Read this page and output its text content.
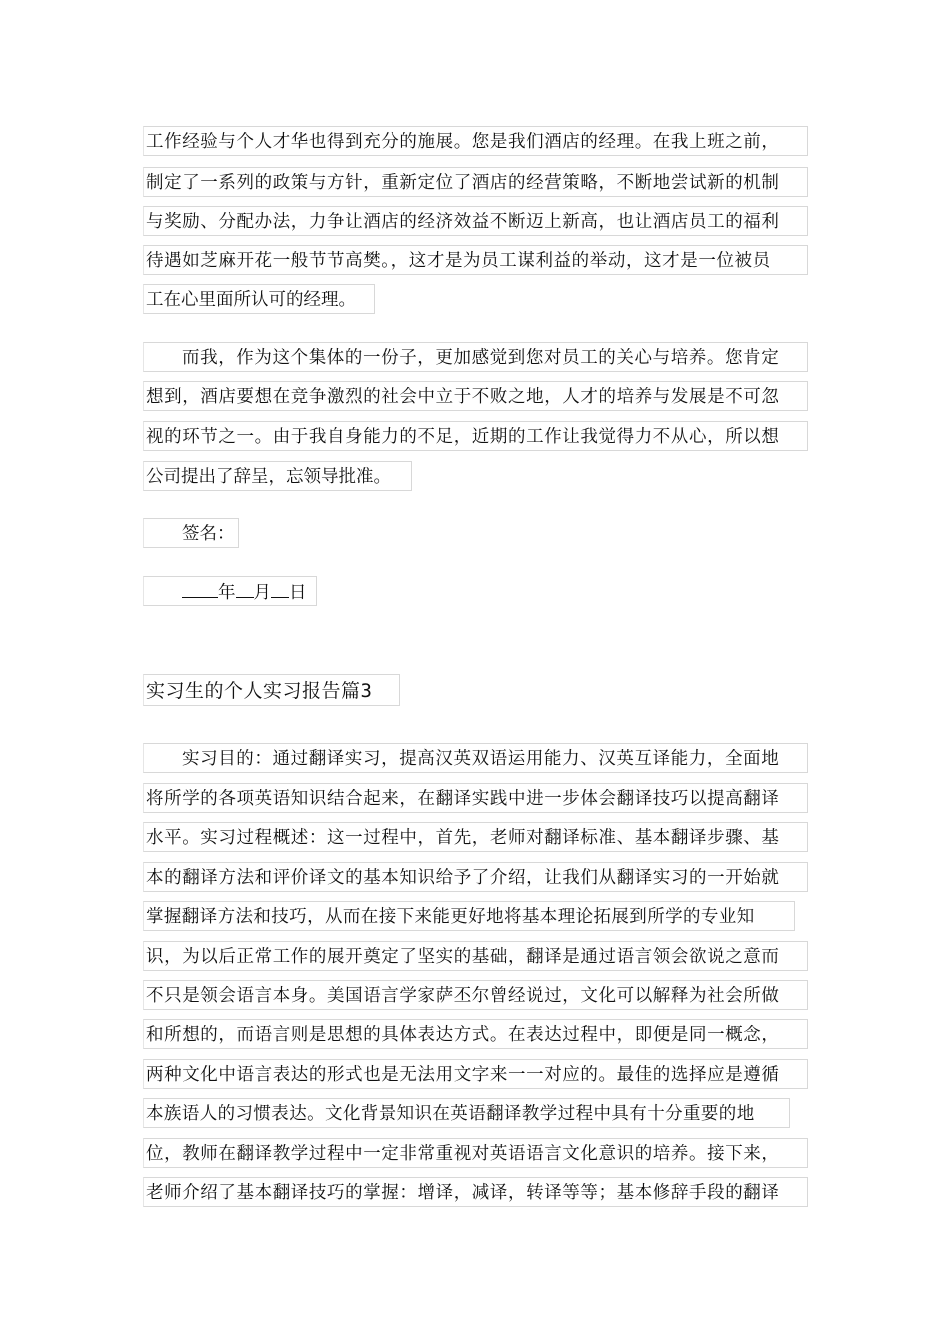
工作经验与个人才华也得到充分的施展。您是我们酒店的经理。在我上班之前，
制定了一系列的政策与方针，重新定位了酒店的经营策略，不断地尝试新的机制
与奖励、分配办法，力争让酒店的经济效益不断迈上新高，也让酒店员工的福利
待遇如芝麻开花一般节节高樊。，这才是为员工谋利益的举动，这才是一位被员
工在心里面所认可的经理。
而我，作为这个集体的一份子，更加感觉到您对员工的关心与培养。您肯定
想到，酒店要想在竞争激烈的社会中立于不败之地，人才的培养与发展是不可忽
视的环节之一。由于我自身能力的不足，近期的工作让我觉得力不从心，所以想
公司提出了辞呈，忘领导批准。
签名：
年 月 日
实习生的个人实习报告篇3
实习目的：通过翻译实习，提高汉英双语运用能力、汉英互译能力，全面地
将所学的各项英语知识结合起来，在翻译实践中进一步体会翻译技巧以提高翻译
水平。实习过程概述：这一过程中，首先，老师对翻译标准、基本翻译步骤、基
本的翻译方法和评价译文的基本知识给予了介绍，让我们从翻译实习的一开始就
掌握翻译方法和技巧，从而在接下来能更好地将基本理论拓展到所学的专业知
识，为以后正常工作的展开奠定了坚实的基础，翻译是通过语言领会欲说之意而
不只是领会语言本身。美国语言学家萨丕尔曾经说过，文化可以解释为社会所做
和所想的，而语言则是思想的具体表达方式。在表达过程中，即便是同一概念，
两种文化中语言表达的形式也是无法用文字来一一对应的。最佳的选择应是遵循
本族语人的习惯表达。文化背景知识在英语翻译教学过程中具有十分重要的地
位，教师在翻译教学过程中一定非常重视对英语语言文化意识的培养。接下来，
老师介绍了基本翻译技巧的掌握：增译，减译，转译等等；基本修辞手段的翻译
